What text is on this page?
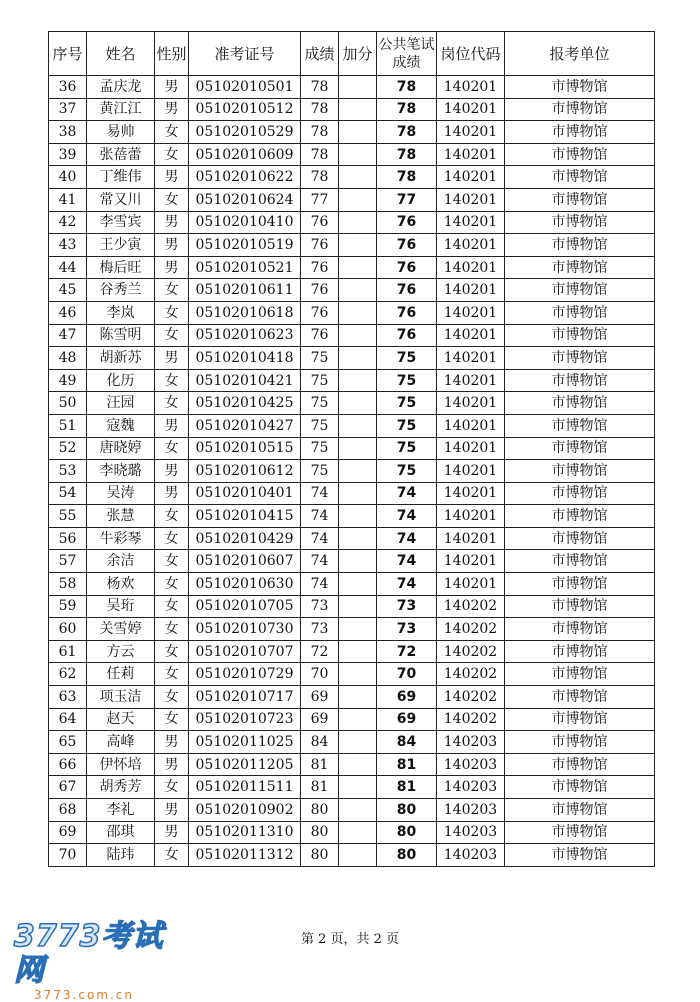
序号	姓名	性别	准考证号	成绩	加分	公共笔试成绩	岗位代码	报考单位
36	孟庆龙	男	05102010501	78		78	140201	市博物馆
37	黄江江	男	05102010512	78		78	140201	市博物馆
38	易帅	女	05102010529	78		78	140201	市博物馆
39	张蓓蕾	女	05102010609	78		78	140201	市博物馆
40	丁维伟	男	05102010622	78		78	140201	市博物馆
41	常又川	女	05102010624	77		77	140201	市博物馆
42	李雪宾	男	05102010410	76		76	140201	市博物馆
43	王少寅	男	05102010519	76		76	140201	市博物馆
44	梅后旺	男	05102010521	76		76	140201	市博物馆
45	谷秀兰	女	05102010611	76		76	140201	市博物馆
46	李岚	女	05102010618	76		76	140201	市博物馆
47	陈雪明	女	05102010623	76		76	140201	市博物馆
48	胡新苏	男	05102010418	75		75	140201	市博物馆
49	化历	女	05102010421	75		75	140201	市博物馆
50	汪园	女	05102010425	75		75	140201	市博物馆
51	寇魏	男	05102010427	75		75	140201	市博物馆
52	唐晓婷	女	05102010515	75		75	140201	市博物馆
53	李晓璐	男	05102010612	75		75	140201	市博物馆
54	吴涛	男	05102010401	74		74	140201	市博物馆
55	张慧	女	05102010415	74		74	140201	市博物馆
56	牛彩琴	女	05102010429	74		74	140201	市博物馆
57	余洁	女	05102010607	74		74	140201	市博物馆
58	杨欢	女	05102010630	74		74	140201	市博物馆
59	吴珩	女	05102010705	73		73	140202	市博物馆
60	关雪婷	女	05102010730	73		73	140202	市博物馆
61	方云	女	05102010707	72		72	140202	市博物馆
62	任莉	女	05102010729	70		70	140202	市博物馆
63	项玉洁	女	05102010717	69		69	140202	市博物馆
64	赵天	女	05102010723	69		69	140202	市博物馆
65	高峰	男	05102011025	84		84	140203	市博物馆
66	伊怀培	男	05102011205	81		81	140203	市博物馆
67	胡秀芳	女	05102011511	81		81	140203	市博物馆
68	李礼	男	05102010902	80		80	140203	市博物馆
69	邵琪	男	05102011310	80		80	140203	市博物馆
70	陆玮	女	05102011312	80		80	140203	市博物馆
3773考试网
3773.com.cn
第 2 页，共 2 页
